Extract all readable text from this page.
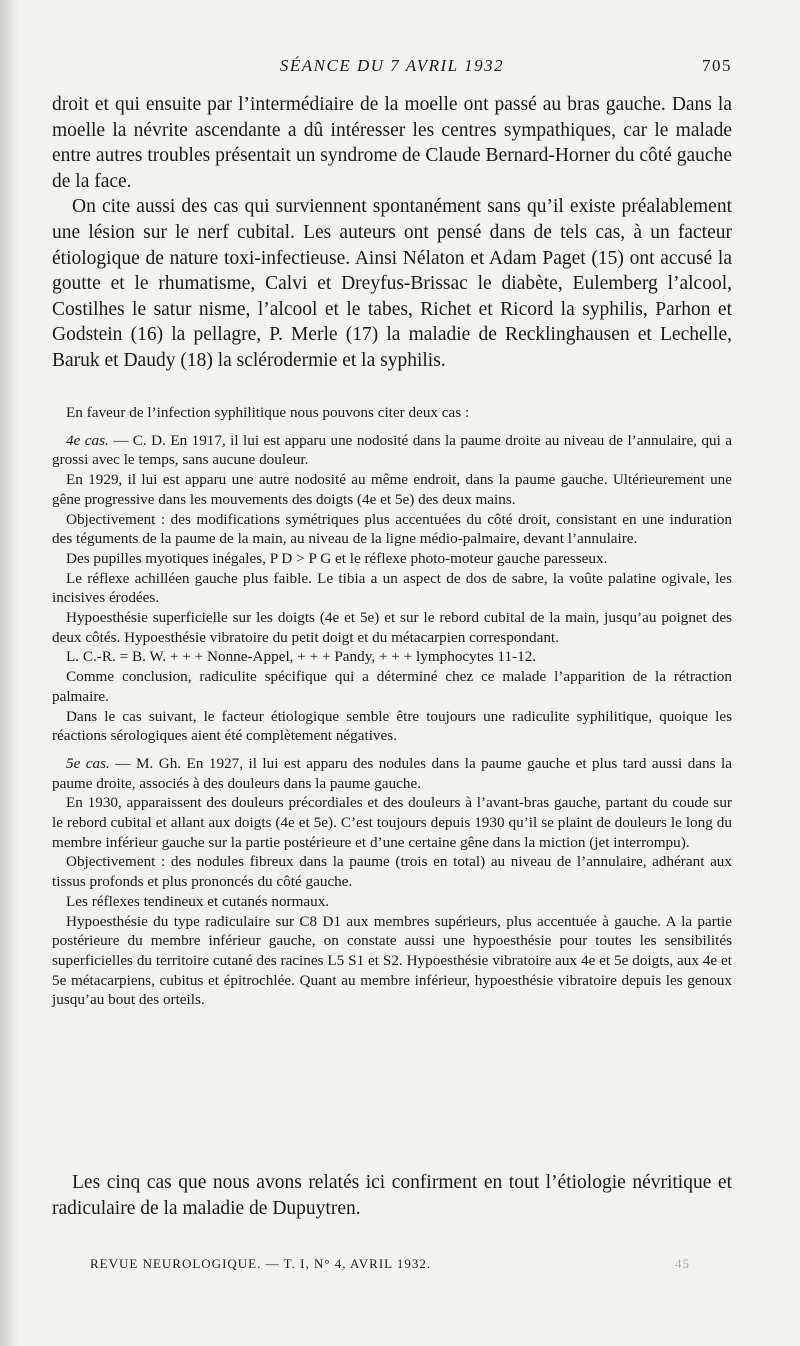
SÉANCE DU 7 AVRIL 1932	705

droit et qui ensuite par l’intermédiaire de la moelle ont passé au bras gauche. Dans la moelle la névrite ascendante a dû intéresser les centres sympathiques, car le malade entre autres troubles présentait un syndrome de Claude Bernard-Horner du côté gauche de la face.

On cite aussi des cas qui surviennent spontanément sans qu’il existe préalablement une lésion sur le nerf cubital. Les auteurs ont pensé dans de tels cas, à un facteur étiologique de nature toxi-infectieuse. Ainsi Nélaton et Adam Paget (15) ont accusé la goutte et le rhumatisme, Calvi et Dreyfus-Brissac le diabète, Eulemberg l’alcool, Costilhes le satur nisme, l’alcool et le tabes, Richet et Ricord la syphilis, Parhon et Godstein (16) la pellagre, P. Merle (17) la maladie de Recklinghausen et Lechelle, Baruk et Daudy (18) la sclérodermie et la syphilis.

En faveur de l’infection syphilitique nous pouvons citer deux cas :

4e cas. — C. D. En 1917, il lui est apparu une nodosité dans la paume droite au niveau de l’annulaire, qui a grossi avec le temps, sans aucune douleur.

En 1929, il lui est apparu une autre nodosité au même endroit, dans la paume gauche. Ultérieurement une gêne progressive dans les mouvements des doigts (4e et 5e) des deux mains.

Objectivement : des modifications symétriques plus accentuées du côté droit, consistant en une induration des téguments de la paume de la main, au niveau de la ligne médio-palmaire, devant l’annulaire.

Des pupilles myotiques inégales, P D > P G et le réflexe photo-moteur gauche paresseux.

Le réflexe achilléen gauche plus faible. Le tibia a un aspect de dos de sabre, la voûte palatine ogivale, les incisives érodées.

Hypoesthésie superficielle sur les doigts (4e et 5e) et sur le rebord cubital de la main, jusqu’au poignet des deux côtés. Hypoesthésie vibratoire du petit doigt et du métacarpien correspondant.

L. C.-R. = B. W. + + + Nonne-Appel, + + + Pandy, + + + lymphocytes 11-12.

Comme conclusion, radiculite spécifique qui a déterminé chez ce malade l’apparition de la rétraction palmaire.

Dans le cas suivant, le facteur étiologique semble être toujours une radiculite syphilitique, quoique les réactions sérologiques aient été complètement négatives.

5e cas. — M. Gh. En 1927, il lui est apparu des nodules dans la paume gauche et plus tard aussi dans la paume droite, associés à des douleurs dans la paume gauche.

En 1930, apparaissent des douleurs précordiales et des douleurs à l’avant-bras gauche, partant du coude sur le rebord cubital et allant aux doigts (4e et 5e). C’est toujours depuis 1930 qu’il se plaint de douleurs le long du membre inférieur gauche sur la partie postérieure et d’une certaine gêne dans la miction (jet interrompu).

Objectivement : des nodules fibreux dans la paume (trois en total) au niveau de l’annulaire, adhérant aux tissus profonds et plus prononcés du côté gauche.

Les réflexes tendineux et cutanés normaux.

Hypoesthésie du type radiculaire sur C8 D1 aux membres supérieurs, plus accentuée à gauche. A la partie postérieure du membre inférieur gauche, on constate aussi une hypoesthésie pour toutes les sensibilités superficielles du territoire cutané des racines L5 S1 et S2. Hypoesthésie vibratoire aux 4e et 5e doigts, aux 4e et 5e métacarpiens, cubitus et épitrochlée. Quant au membre inférieur, hypoesthésie vibratoire depuis les genoux jusqu’au bout des orteils.

Les cinq cas que nous avons relatés ici confirment en tout l’étiologie névritique et radiculaire de la maladie de Dupuytren.

REVUE NEUROLOGIQUE. — T. I, N° 4, AVRIL 1932.	45
